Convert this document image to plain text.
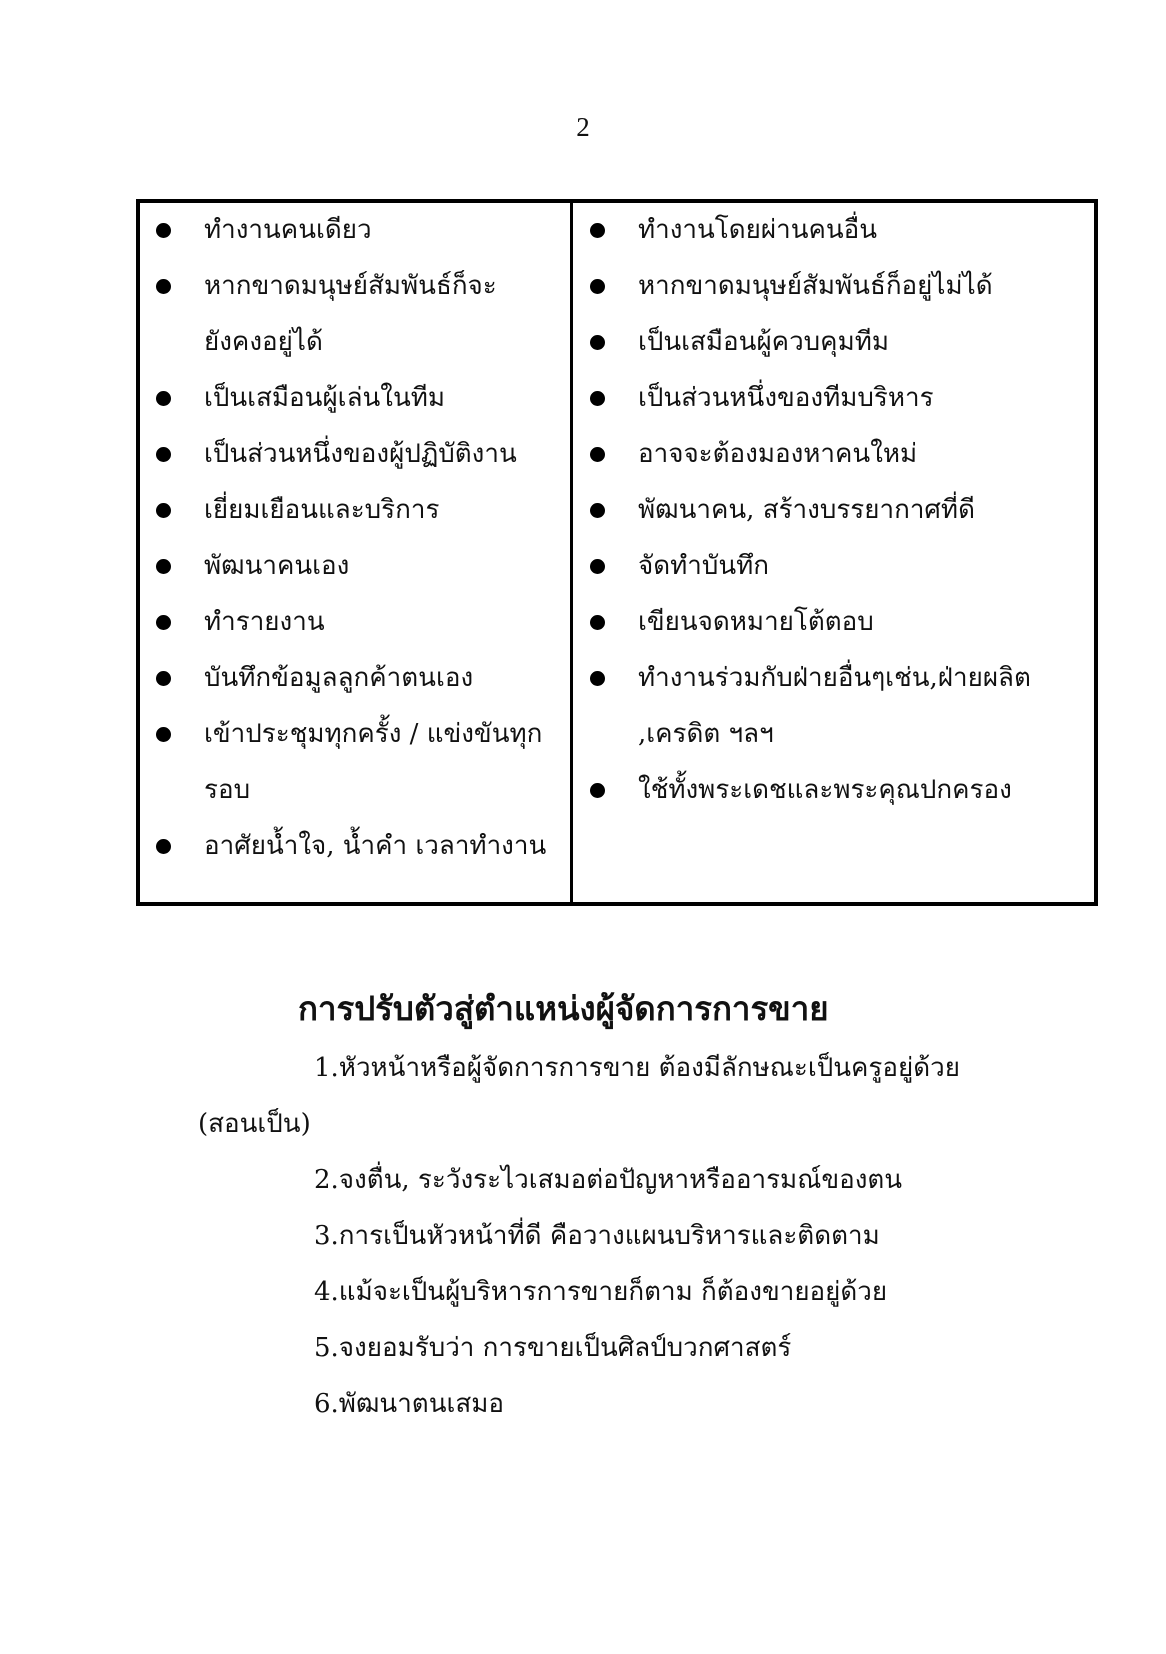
2
ทำงานคนเดียว
หากขาดมนุษย์สัมพันธ์ก็จะ
ยังคงอยู่ได้
เป็นเสมือนผู้เล่นในทีม
เป็นส่วนหนึ่งของผู้ปฏิบัติงาน
เยี่ยมเยือนและบริการ
พัฒนาคนเอง
ทำรายงาน
บันทึกข้อมูลลูกค้าตนเอง
เข้าประชุมทุกครั้ง / แข่งขันทุก
รอบ
อาศัยน้ำใจ, น้ำคำ เวลาทำงาน
ทำงานโดยผ่านคนอื่น
หากขาดมนุษย์สัมพันธ์ก็อยู่ไม่ได้
เป็นเสมือนผู้ควบคุมทีม
เป็นส่วนหนึ่งของทีมบริหาร
อาจจะต้องมองหาคนใหม่
พัฒนาคน, สร้างบรรยากาศที่ดี
จัดทำบันทึก
เขียนจดหมายโต้ตอบ
ทำงานร่วมกับฝ่ายอื่นๆเช่น,ฝ่ายผลิต
,เครดิต ฯลฯ
ใช้ทั้งพระเดชและพระคุณปกครอง
การปรับตัวสู่ตำแหน่งผู้จัดการการขาย
1.หัวหน้าหรือผู้จัดการการขาย ต้องมีลักษณะเป็นครูอยู่ด้วย
(สอนเป็น)
2.จงตื่น, ระวังระไวเสมอต่อปัญหาหรืออารมณ์ของตน
3.การเป็นหัวหน้าที่ดี คือวางแผนบริหารและติดตาม
4.แม้จะเป็นผู้บริหารการขายก็ตาม ก็ต้องขายอยู่ด้วย
5.จงยอมรับว่า การขายเป็นศิลป์บวกศาสตร์
6.พัฒนาตนเสมอ
